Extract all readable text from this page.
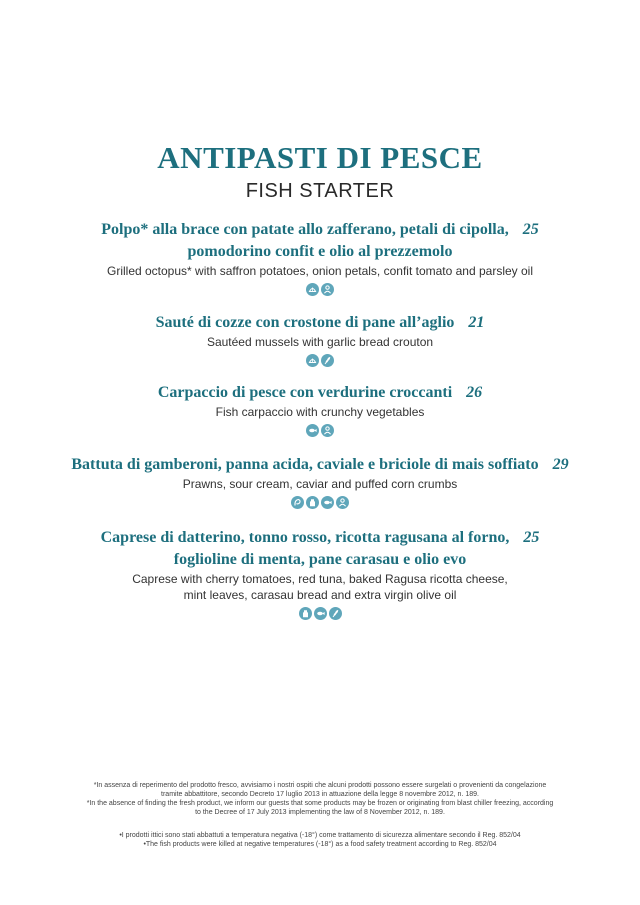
ANTIPASTI DI PESCE
FISH STARTER
Polpo* alla brace con patate allo zafferano, petali di cipolla, 25
pomodorino confit e olio al prezzemolo
Grilled octopus* with saffron potatoes, onion petals, confit tomato and parsley oil
Sauté di cozze con crostone di pane all’aglio 21
Sautéed mussels with garlic bread crouton
Carpaccio di pesce con verdurine croccanti 26
Fish carpaccio with crunchy vegetables
Battuta di gamberoni, panna acida, caviale e briciole di mais soffiato 29
Prawns, sour cream, caviar and puffed corn crumbs
Caprese di datterino, tonno rosso, ricotta ragusana al forno, 25
foglioline di menta, pane carasau e olio evo
Caprese with cherry tomatoes, red tuna, baked Ragusa ricotta cheese,
mint leaves, carasau bread and extra virgin olive oil
*In assenza di reperimento del prodotto fresco, avvisiamo i nostri ospiti che alcuni prodotti possono essere surgelati o provenienti da congelazione
tramite abbattitore, secondo Decreto 17 luglio 2013 in attuazione della legge 8 novembre 2012, n. 189.
*In the absence of finding the fresh product, we inform our guests that some products may be frozen or originating from blast chiller freezing, according
to the Decree of 17 July 2013 implementing the law of 8 November 2012, n. 189.
•I prodotti ittici sono stati abbattuti a temperatura negativa (-18°) come trattamento di sicurezza alimentare secondo il Reg. 852/04
•The fish products were killed at negative temperatures (-18°) as a food safety treatment according to Reg. 852/04
